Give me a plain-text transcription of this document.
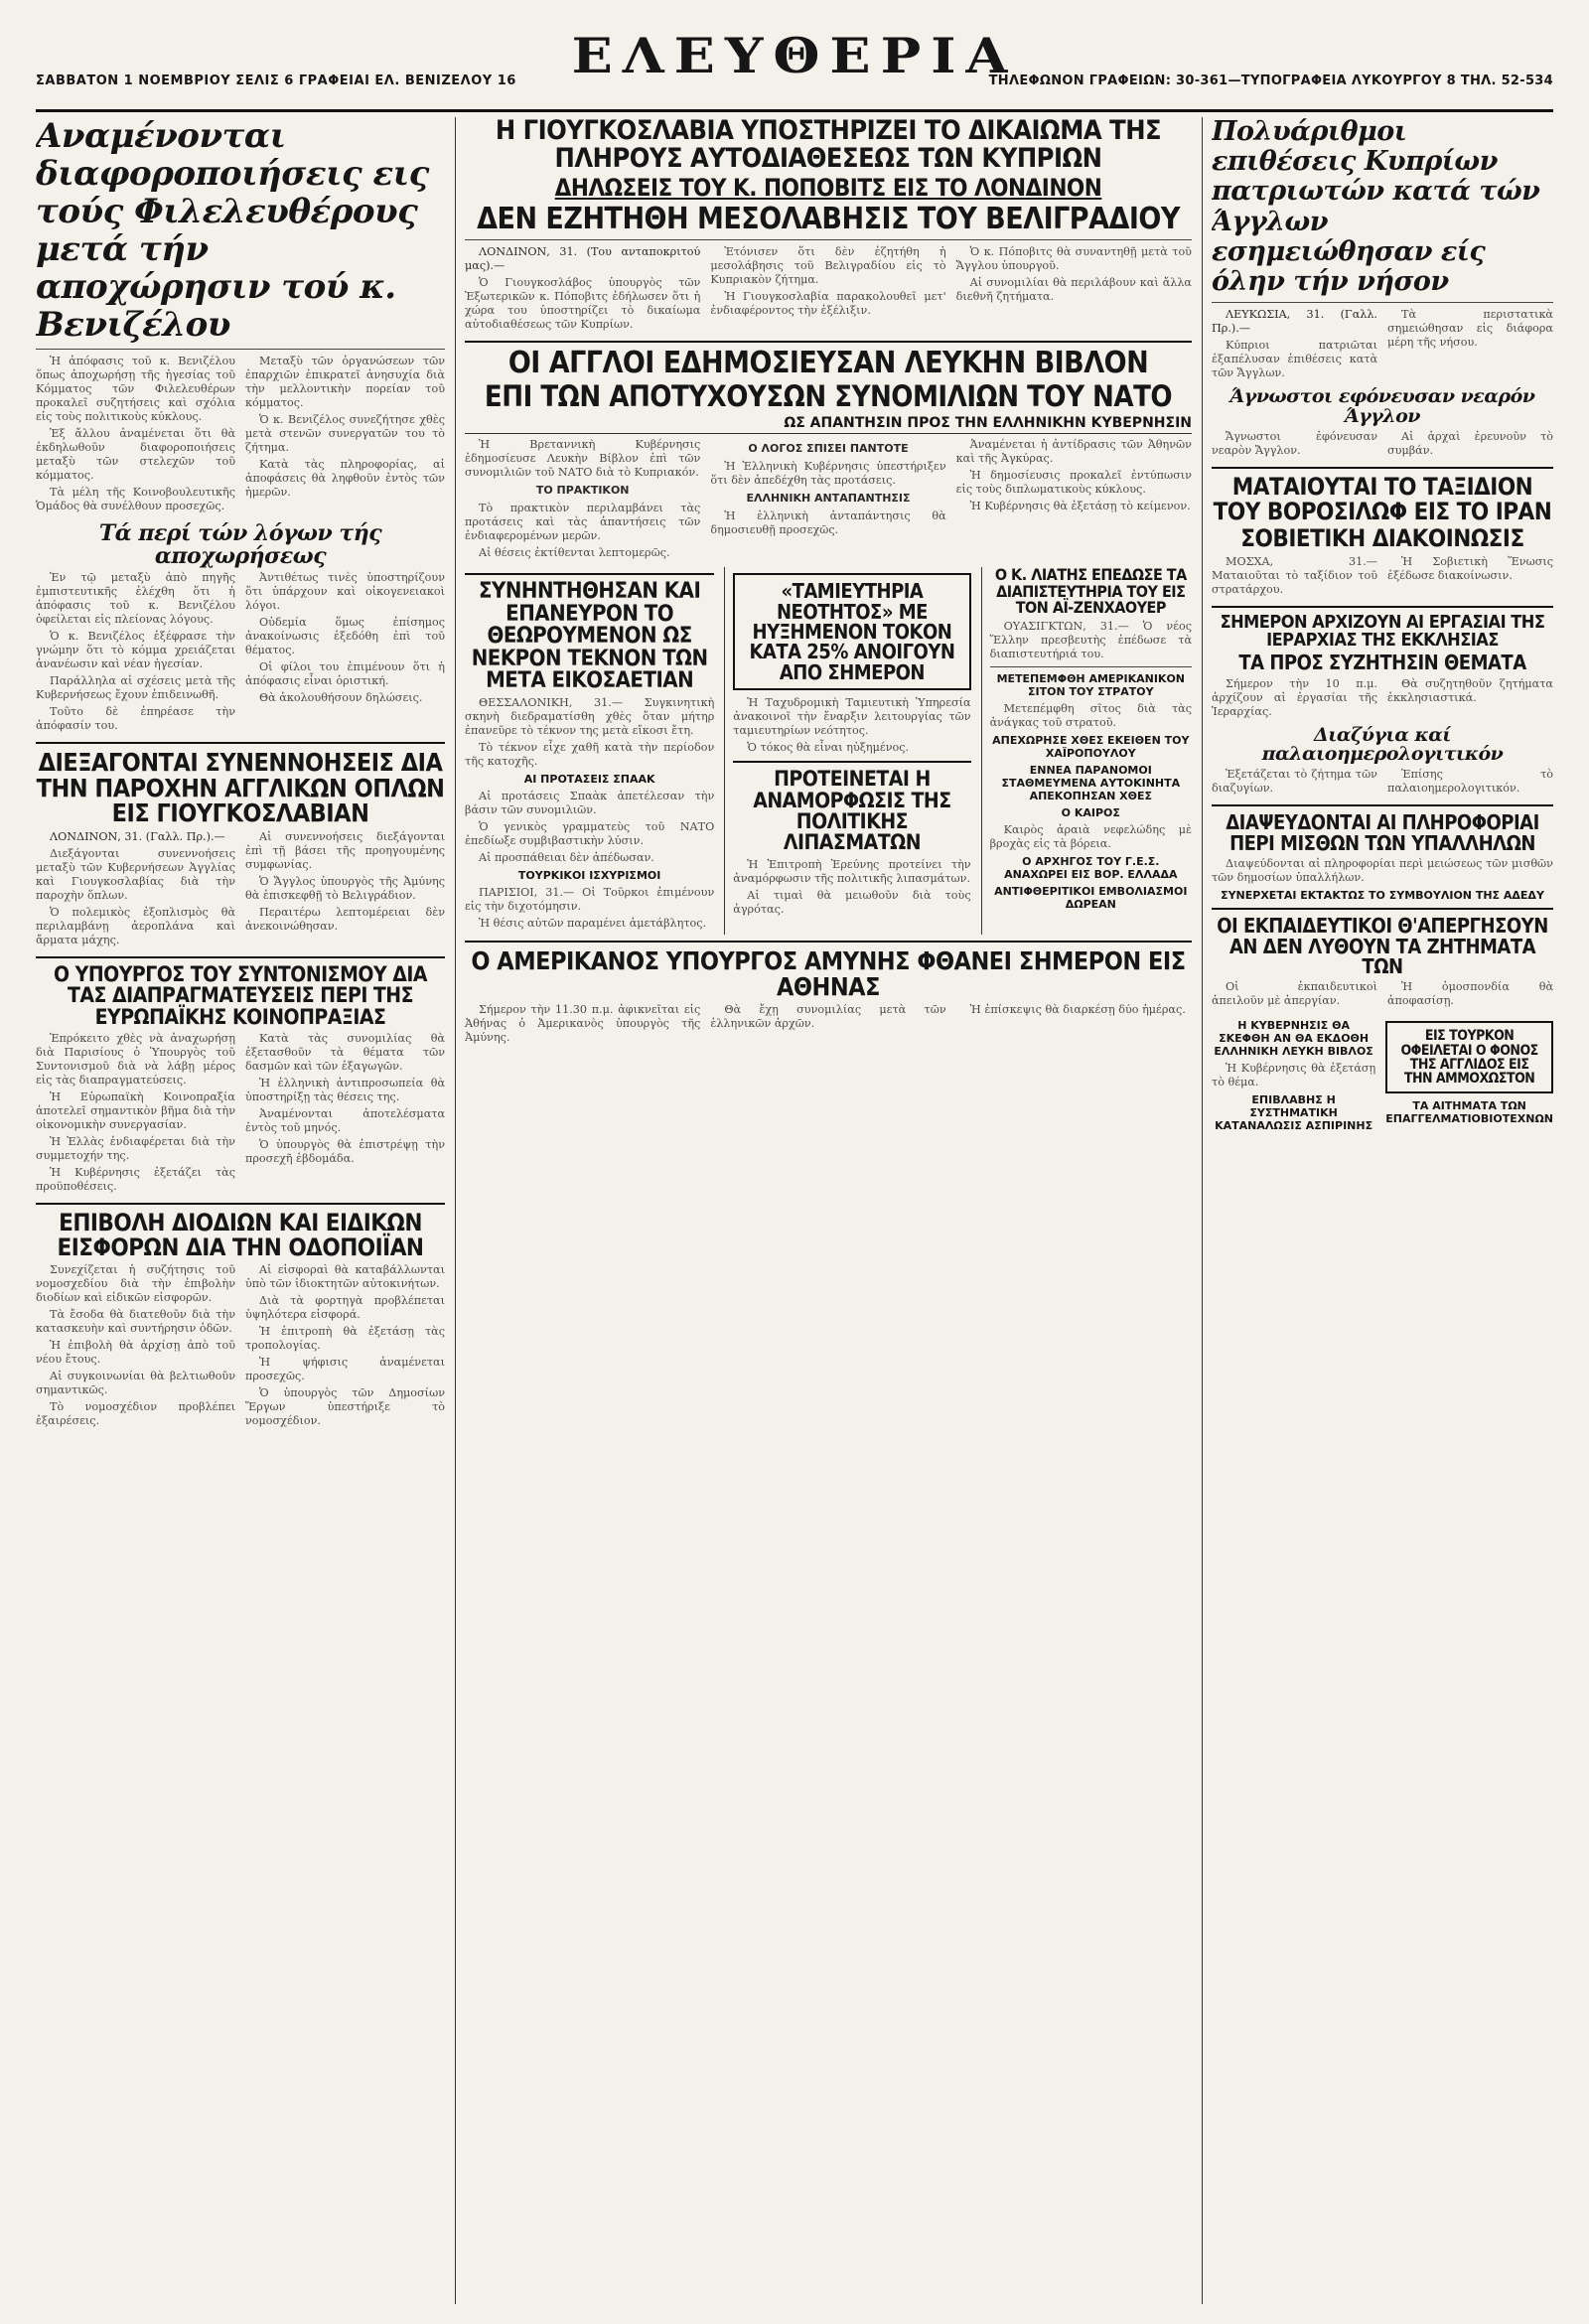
ΣΑΒΒΑΤΟΝ 1 ΝΟΕΜΒΡΙΟΥ ΣΕΛΙΣ 6 ΓΡΑΦΕΙΑΙ ΕΛ. ΒΕΝΙΖΕΛΟΥ 16	ΕΛΕΥΘΕΡΙΑ
ΤΗΛΕΦΩΝΟΝ ΓΡΑΦΕΙΩΝ: 30-361—ΤΥΠΟΓΡΑΦΕΙΑ ΛΥΚΟΥΡΓΟΥ 8 ΤΗΛ. 52-534
Αναμένονται διαφοροποιήσεις εις τούς Φιλελευθέρους μετά τήν αποχώρησιν τού κ. Βενιζέλου

Ἡ ἀπόφασις τοῦ κ. Βενιζέλου ὅπως ἀποχωρήσῃ τῆς ἡγεσίας τοῦ Κόμματος τῶν Φιλελευθέρων προκαλεῖ συζητήσεις καὶ σχόλια εἰς τοὺς πολιτικοὺς κύκλους.

Ἐξ ἄλλου ἀναμένεται ὅτι θὰ ἐκδηλωθοῦν διαφοροποιήσεις μεταξὺ τῶν στελεχῶν τοῦ κόμματος.

Τὰ μέλη τῆς Κοινοβουλευτικῆς Ὁμάδος θὰ συνέλθουν προσεχῶς.

Μεταξὺ τῶν ὀργανώσεων τῶν ἐπαρχιῶν ἐπικρατεῖ ἀνησυχία διὰ τὴν μελλοντικὴν πορείαν τοῦ κόμματος.

Ὁ κ. Βενιζέλος συνεζήτησε χθὲς μετὰ στενῶν συνεργατῶν του τὸ ζήτημα.

Κατὰ τὰς πληροφορίας, αἱ ἀποφάσεις θὰ ληφθοῦν ἐντὸς τῶν ἡμερῶν.

Τά περί τών λόγων τής αποχωρήσεως

Ἐν τῷ μεταξὺ ἀπὸ πηγῆς ἐμπιστευτικῆς ἐλέχθη ὅτι ἡ ἀπόφασις τοῦ κ. Βενιζέλου ὀφείλεται εἰς πλείονας λόγους.

Ὁ κ. Βενιζέλος ἐξέφρασε τὴν γνώμην ὅτι τὸ κόμμα χρειάζεται ἀνανέωσιν καὶ νέαν ἡγεσίαν.

Παράλληλα αἱ σχέσεις μετὰ τῆς Κυβερνήσεως ἔχουν ἐπιδεινωθῆ.

Τοῦτο δὲ ἐπηρέασε τὴν ἀπόφασίν του.

Ἀντιθέτως τινὲς ὑποστηρίζουν ὅτι ὑπάρχουν καὶ οἰκογενειακοὶ λόγοι.

Οὐδεμία ὅμως ἐπίσημος ἀνακοίνωσις ἐξεδόθη ἐπὶ τοῦ θέματος.

Οἱ φίλοι του ἐπιμένουν ὅτι ἡ ἀπόφασις εἶναι ὁριστική.

Θὰ ἀκολουθήσουν δηλώσεις.

ΔΙΕΞΑΓΟΝΤΑΙ ΣΥΝΕΝΝΟΗΣΕΙΣ ΔΙΑ ΤΗΝ ΠΑΡΟΧΗΝ ΑΓΓΛΙΚΩΝ ΟΠΛΩΝ ΕΙΣ ΓΙΟΥΓΚΟΣΛΑΒΙΑΝ

ΛΟΝΔΙΝΟΝ, 31. (Γαλλ. Πρ.).—

Διεξάγονται συνεννοήσεις μεταξὺ τῶν Κυβερνήσεων Ἀγγλίας καὶ Γιουγκοσλαβίας διὰ τὴν παροχὴν ὅπλων.

Ὁ πολεμικὸς ἐξοπλισμὸς θὰ περιλαμβάνῃ ἀεροπλάνα καὶ ἄρματα μάχης.

Αἱ συνεννοήσεις διεξάγονται ἐπὶ τῇ βάσει τῆς προηγουμένης συμφωνίας.

Ὁ Ἄγγλος ὑπουργὸς τῆς Ἀμύνης θὰ ἐπισκεφθῇ τὸ Βελιγράδιον.

Περαιτέρω λεπτομέρειαι δὲν ἀνεκοινώθησαν.

Ο ΥΠΟΥΡΓΟΣ ΤΟΥ ΣΥΝΤΟΝΙΣΜΟΥ ΔΙΑ ΤΑΣ ΔΙΑΠΡΑΓΜΑΤΕΥΣΕΙΣ ΠΕΡΙ ΤΗΣ ΕΥΡΩΠΑΪΚΗΣ ΚΟΙΝΟΠΡΑΞΙΑΣ

Ἐπρόκειτο χθὲς νὰ ἀναχωρήσῃ διὰ Παρισίους ὁ Ὑπουργὸς τοῦ Συντονισμοῦ διὰ νὰ λάβῃ μέρος εἰς τὰς διαπραγματεύσεις.

Ἡ Εὐρωπαϊκὴ Κοινοπραξία ἀποτελεῖ σημαντικὸν βῆμα διὰ τὴν οἰκονομικὴν συνεργασίαν.

Ἡ Ἑλλὰς ἐνδιαφέρεται διὰ τὴν συμμετοχήν της.

Ἡ Κυβέρνησις ἐξετάζει τὰς προϋποθέσεις.

Κατὰ τὰς συνομιλίας θὰ ἐξετασθοῦν τὰ θέματα τῶν δασμῶν καὶ τῶν ἐξαγωγῶν.

Ἡ ἑλληνικὴ ἀντιπροσωπεία θὰ ὑποστηρίξῃ τὰς θέσεις της.

Ἀναμένονται ἀποτελέσματα ἐντὸς τοῦ μηνός.

Ὁ ὑπουργὸς θὰ ἐπιστρέψῃ τὴν προσεχῆ ἑβδομάδα.

ΕΠΙΒΟΛΗ ΔΙΟΔΙΩΝ ΚΑΙ ΕΙΔΙΚΩΝ ΕΙΣΦΟΡΩΝ ΔΙΑ ΤΗΝ ΟΔΟΠΟΙΪΑΝ

Συνεχίζεται ἡ συζήτησις τοῦ νομοσχεδίου διὰ τὴν ἐπιβολὴν διοδίων καὶ εἰδικῶν εἰσφορῶν.

Τὰ ἔσοδα θὰ διατεθοῦν διὰ τὴν κατασκευὴν καὶ συντήρησιν ὁδῶν.

Ἡ ἐπιβολὴ θὰ ἀρχίσῃ ἀπὸ τοῦ νέου ἔτους.

Αἱ συγκοινωνίαι θὰ βελτιωθοῦν σημαντικῶς.

Τὸ νομοσχέδιον προβλέπει ἐξαιρέσεις.

Αἱ εἰσφοραὶ θὰ καταβάλλωνται ὑπὸ τῶν ἰδιοκτητῶν αὐτοκινήτων.

Διὰ τὰ φορτηγὰ προβλέπεται ὑψηλότερα εἰσφορά.

Ἡ ἐπιτροπὴ θὰ ἐξετάσῃ τὰς τροπολογίας.

Ἡ ψήφισις ἀναμένεται προσεχῶς.

Ὁ ὑπουργὸς τῶν Δημοσίων Ἔργων ὑπεστήριξε τὸ νομοσχέδιον.

Η ΓΙΟΥΓΚΟΣΛΑΒΙΑ ΥΠΟΣΤΗΡΙΖΕΙ ΤΟ ΔΙΚΑΙΩΜΑ ΤΗΣ ΠΛΗΡΟΥΣ ΑΥΤΟΔΙΑΘΕΣΕΩΣ ΤΩΝ ΚΥΠΡΙΩΝ
ΔΗΛΩΣΕΙΣ ΤΟΥ Κ. ΠΟΠΟΒΙΤΣ ΕΙΣ ΤΟ ΛΟΝΔΙΝΟΝ
ΔΕΝ ΕΖΗΤΗΘΗ ΜΕΣΟΛΑΒΗΣΙΣ ΤΟΥ ΒΕΛΙΓΡΑΔΙΟΥ

ΛΟΝΔΙΝΟΝ, 31. (Του ανταποκριτού μας).—

Ὁ Γιουγκοσλάβος ὑπουργὸς τῶν Ἐξωτερικῶν κ. Πόποβιτς ἐδήλωσεν ὅτι ἡ χώρα του ὑποστηρίζει τὸ δικαίωμα αὐτοδιαθέσεως τῶν Κυπρίων.

Ἐτόνισεν ὅτι δὲν ἐζητήθη ἡ μεσολάβησις τοῦ Βελιγραδίου εἰς τὸ Κυπριακὸν ζήτημα.

Ἡ Γιουγκοσλαβία παρακολουθεῖ μετ' ἐνδιαφέροντος τὴν ἐξέλιξιν.

Ὁ κ. Πόποβιτς θὰ συναντηθῇ μετὰ τοῦ Ἄγγλου ὑπουργοῦ.

Αἱ συνομιλίαι θὰ περιλάβουν καὶ ἄλλα διεθνῆ ζητήματα.

ΟΙ ΑΓΓΛΟΙ ΕΔΗΜΟΣΙΕΥΣΑΝ ΛΕΥΚΗΝ ΒΙΒΛΟΝ
ΕΠΙ ΤΩΝ ΑΠΟΤΥΧΟΥΣΩΝ ΣΥΝΟΜΙΛΙΩΝ ΤΟΥ ΝΑΤΟ
ΩΣ ΑΠΑΝΤΗΣΙΝ ΠΡΟΣ ΤΗΝ ΕΛΛΗΝΙΚΗΝ ΚΥΒΕΡΝΗΣΙΝ

Ἡ Βρεταννικὴ Κυβέρνησις ἐδημοσίευσε Λευκὴν Βίβλον ἐπὶ τῶν συνομιλιῶν τοῦ ΝΑΤΟ διὰ τὸ Κυπριακόν.

ΤΟ ΠΡΑΚΤΙΚΟΝ

Τὸ πρακτικὸν περιλαμβάνει τὰς προτάσεις καὶ τὰς ἀπαντήσεις τῶν ἐνδιαφερομένων μερῶν.

Αἱ θέσεις ἐκτίθενται λεπτομερῶς.

Ο ΛΟΓΟΣ ΣΠΙΣΕΙ ΠΑΝΤΟΤΕ

Ἡ Ἑλληνικὴ Κυβέρνησις ὑπεστήριξεν ὅτι δὲν ἀπεδέχθη τὰς προτάσεις.

ΕΛΛΗΝΙΚΗ ΑΝΤΑΠΑΝΤΗΣΙΣ

Ἡ ἑλληνικὴ ἀνταπάντησις θὰ δημοσιευθῇ προσεχῶς.

Ἀναμένεται ἡ ἀντίδρασις τῶν Ἀθηνῶν καὶ τῆς Ἀγκύρας.

Ἡ δημοσίευσις προκαλεῖ ἐντύπωσιν εἰς τοὺς διπλωματικοὺς κύκλους.

Ἡ Κυβέρνησις θὰ ἐξετάσῃ τὸ κείμενον.

ΣΥΝΗΝΤΗΘΗΣΑΝ ΚΑΙ ΕΠΑΝΕΥΡΟΝ ΤΟ ΘΕΩΡΟΥΜΕΝΟΝ ΩΣ ΝΕΚΡΟΝ ΤΕΚΝΟΝ ΤΩΝ ΜΕΤΑ ΕΙΚΟΣΑΕΤΙΑΝ

ΘΕΣΣΑΛΟΝΙΚΗ, 31.— Συγκινητικὴ σκηνὴ διεδραματίσθη χθὲς ὅταν μήτηρ ἐπανεῦρε τὸ τέκνον της μετὰ εἴκοσι ἔτη.

Τὸ τέκνον εἶχε χαθῆ κατὰ τὴν περίοδον τῆς κατοχῆς.

ΑΙ ΠΡΟΤΑΣΕΙΣ ΣΠΑΑΚ

Αἱ προτάσεις Σπαὰκ ἀπετέλεσαν τὴν βάσιν τῶν συνομιλιῶν.

Ὁ γενικὸς γραμματεὺς τοῦ ΝΑΤΟ ἐπεδίωξε συμβιβαστικὴν λύσιν.

Αἱ προσπάθειαι δὲν ἀπέδωσαν.

ΤΟΥΡΚΙΚΟΙ ΙΣΧΥΡΙΣΜΟΙ

ΠΑΡΙΣΙΟΙ, 31.— Οἱ Τοῦρκοι ἐπιμένουν εἰς τὴν διχοτόμησιν.

Ἡ θέσις αὐτῶν παραμένει ἀμετάβλητος.

«ΤΑΜΙΕΥΤΗΡΙΑ ΝΕΟΤΗΤΟΣ» ΜΕ ΗΥΞΗΜΕΝΟΝ ΤΟΚΟΝ ΚΑΤΑ 25% ΑΝΟΙΓΟΥΝ ΑΠΟ ΣΗΜΕΡΟΝ

Ἡ Ταχυδρομικὴ Ταμιευτικὴ Ὑπηρεσία ἀνακοινοῖ τὴν ἔναρξιν λειτουργίας τῶν ταμιευτηρίων νεότητος.

Ὁ τόκος θὰ εἶναι ηὐξημένος.

ΠΡΟΤΕΙΝΕΤΑΙ Η ΑΝΑΜΟΡΦΩΣΙΣ ΤΗΣ ΠΟΛΙΤΙΚΗΣ ΛΙΠΑΣΜΑΤΩΝ

Ἡ Ἐπιτροπὴ Ἐρεύνης προτείνει τὴν ἀναμόρφωσιν τῆς πολιτικῆς λιπασμάτων.

Αἱ τιμαὶ θὰ μειωθοῦν διὰ τοὺς ἀγρότας.

Ο Κ. ΛΙΑΤΗΣ ΕΠΕΔΩΣΕ ΤΑ ΔΙΑΠΙΣΤΕΥΤΗΡΙΑ ΤΟΥ ΕΙΣ ΤΟΝ ΑΪ-ΖΕΝΧΑΟΥΕΡ

ΟΥΑΣΙΓΚΤΩΝ, 31.— Ὁ νέος Ἕλλην πρεσβευτὴς ἐπέδωσε τὰ διαπιστευτήριά του.

ΜΕΤΕΠΕΜΦΘΗ ΑΜΕΡΙΚΑΝΙΚΟΝ ΣΙΤΟΝ ΤΟΥ ΣΤΡΑΤΟΥ

Μετεπέμφθη σῖτος διὰ τὰς ἀνάγκας τοῦ στρατοῦ.

ΑΠΕΧΩΡΗΣΕ ΧΘΕΣ ΕΚΕΙΘΕΝ ΤΟΥ ΧΑΪΡΟΠΟΥΛΟΥ
ΕΝΝΕΑ ΠΑΡΑΝΟΜΟΙ ΣΤΑΘΜΕΥΜΕΝΑ ΑΥΤΟΚΙΝΗΤΑ ΑΠΕΚΟΠΗΣΑΝ ΧΘΕΣ
Ο ΚΑΙΡΟΣ

Καιρὸς ἀραιὰ νεφελώδης μὲ βροχὰς εἰς τὰ βόρεια.

Ο ΑΡΧΗΓΟΣ ΤΟΥ Γ.Ε.Σ. ΑΝΑΧΩΡΕΙ ΕΙΣ ΒΟΡ. ΕΛΛΑΔΑ
ΑΝΤΙΦΘΕΡΙΤΙΚΟΙ ΕΜΒΟΛΙΑΣΜΟΙ ΔΩΡΕΑΝ
Ο ΑΜΕΡΙΚΑΝΟΣ ΥΠΟΥΡΓΟΣ ΑΜΥΝΗΣ ΦΘΑΝΕΙ ΣΗΜΕΡΟΝ ΕΙΣ ΑΘΗΝΑΣ

Σήμερον τὴν 11.30 π.μ. ἀφικνεῖται εἰς Ἀθήνας ὁ Ἀμερικανὸς ὑπουργὸς τῆς Ἀμύνης.

Θὰ ἔχῃ συνομιλίας μετὰ τῶν ἑλληνικῶν ἀρχῶν.

Ἡ ἐπίσκεψις θὰ διαρκέσῃ δύο ἡμέρας.

Πολυάριθμοι επιθέσεις Κυπρίων πατριωτών κατά τών Άγγλων εσημειώθησαν είς όλην τήν νήσον

ΛΕΥΚΩΣΙΑ, 31. (Γαλλ. Πρ.).—

Κύπριοι πατριῶται ἐξαπέλυσαν ἐπιθέσεις κατὰ τῶν Ἄγγλων.

Τὰ περιστατικὰ σημειώθησαν εἰς διάφορα μέρη τῆς νήσου.

Άγνωστοι εφόνευσαν νεαρόν Άγγλον

Ἄγνωστοι ἐφόνευσαν νεαρὸν Ἄγγλον.

Αἱ ἀρχαὶ ἐρευνοῦν τὸ συμβάν.

ΜΑΤΑΙΟΥΤΑΙ ΤΟ ΤΑΞΙΔΙΟΝ ΤΟΥ ΒΟΡΟΣΙΛΩΦ ΕΙΣ ΤΟ ΙΡΑΝ
ΣΟΒΙΕΤΙΚΗ ΔΙΑΚΟΙΝΩΣΙΣ

ΜΟΣΧΑ, 31.— Ματαιοῦται τὸ ταξίδιον τοῦ στρατάρχου.

Ἡ Σοβιετικὴ Ἕνωσις ἐξέδωσε διακοίνωσιν.

ΣΗΜΕΡΟΝ ΑΡΧΙΖΟΥΝ ΑΙ ΕΡΓΑΣΙΑΙ ΤΗΣ ΙΕΡΑΡΧΙΑΣ ΤΗΣ ΕΚΚΛΗΣΙΑΣ
ΤΑ ΠΡΟΣ ΣΥΖΗΤΗΣΙΝ ΘΕΜΑΤΑ

Σήμερον τὴν 10 π.μ. ἀρχίζουν αἱ ἐργασίαι τῆς Ἱεραρχίας.

Θὰ συζητηθοῦν ζητήματα ἐκκλησιαστικά.

Διαζύγια καί παλαιοημερολογιτικόν

Ἐξετάζεται τὸ ζήτημα τῶν διαζυγίων.

Ἐπίσης τὸ παλαιοημερολογιτικόν.

ΔΙΑΨΕΥΔΟΝΤΑΙ ΑΙ ΠΛΗΡΟΦΟΡΙΑΙ ΠΕΡΙ ΜΙΣΘΩΝ ΤΩΝ ΥΠΑΛΛΗΛΩΝ

Διαψεύδονται αἱ πληροφορίαι περὶ μειώσεως τῶν μισθῶν τῶν δημοσίων ὑπαλλήλων.

ΣΥΝΕΡΧΕΤΑΙ ΕΚΤΑΚΤΩΣ ΤΟ ΣΥΜΒΟΥΛΙΟΝ ΤΗΣ ΑΔΕΔΥ
ΟΙ ΕΚΠΑΙΔΕΥΤΙΚΟΙ Θ'ΑΠΕΡΓΗΣΟΥΝ ΑΝ ΔΕΝ ΛΥΘΟΥΝ ΤΑ ΖΗΤΗΜΑΤΑ ΤΩΝ

Οἱ ἐκπαιδευτικοὶ ἀπειλοῦν μὲ ἀπεργίαν.

Ἡ ὁμοσπονδία θὰ ἀποφασίσῃ.

Η ΚΥΒΕΡΝΗΣΙΣ ΘΑ ΣΚΕΦΘΗ ΑΝ ΘΑ ΕΚΔΟΘΗ ΕΛΛΗΝΙΚΗ ΛΕΥΚΗ ΒΙΒΛΟΣ

Ἡ Κυβέρνησις θὰ ἐξετάσῃ τὸ θέμα.

ΕΠΙΒΛΑΒΗΣ Η ΣΥΣΤΗΜΑΤΙΚΗ ΚΑΤΑΝΑΛΩΣΙΣ ΑΣΠΙΡΙΝΗΣ
ΕΙΣ ΤΟΥΡΚΟΝ ΟΦΕΙΛΕΤΑΙ Ο ΦΟΝΟΣ ΤΗΣ ΑΓΓΛΙΔΟΣ ΕΙΣ ΤΗΝ ΑΜΜΟΧΩΣΤΟΝ
ΤΑ ΑΙΤΗΜΑΤΑ ΤΩΝ ΕΠΑΓΓΕΛΜΑΤΙΟΒΙΟΤΕΧΝΩΝ
